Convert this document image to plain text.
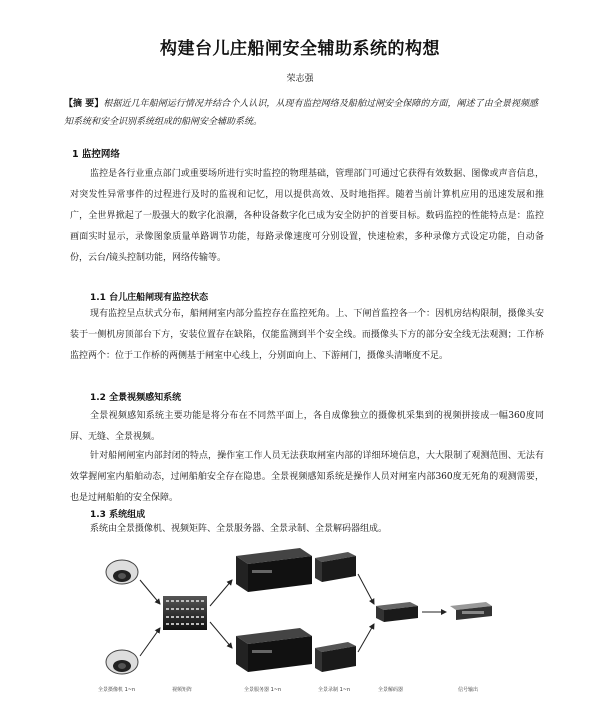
构建台儿庄船闸安全辅助系统的构想
荣志强
【摘 要】根据近几年船闸运行情况并结合个人认识，从现有监控网络及船舶过闸安全保障的方面，阐述了由全景视频感知系统和安全识别系统组成的船闸安全辅助系统。
1 监控网络
监控是各行业重点部门或重要场所进行实时监控的物理基础，管理部门可通过它获得有效数据、图像或声音信息，对突发性异常事件的过程进行及时的监视和记忆，用以提供高效、及时地指挥。随着当前计算机应用的迅速发展和推广，全世界掀起了一股强大的数字化浪潮，各种设备数字化已成为安全防护的首要目标。数码监控的性能特点是：监控画面实时显示，录像图象质量单路调节功能，每路录像速度可分别设置，快速检索，多种录像方式设定功能，自动备份，云台/镜头控制功能，网络传输等。
1.1 台儿庄船闸现有监控状态
现有监控呈点状式分布，船闸闸室内部分监控存在监控死角。上、下闸首监控各一个：因机房结构限制，摄像头安装于一侧机房顶部台下方，安装位置存在缺陷，仅能监测到半个安全线。而摄像头下方的部分安全线无法观测；工作桥监控两个：位于工作桥的两侧基于闸室中心线上，分别面向上、下游闸门，摄像头清晰度不足。
1.2 全景视频感知系统
全景视频感知系统主要功能是将分布在不同然平面上，各自成像独立的摄像机采集到的视频拼接成一幅360度同屏、无缝、全景视频。
针对船闸闸室内部封闭的特点，操作室工作人员无法获取闸室内部的详细环境信息，大大限制了观测范围、无法有效掌握闸室内船舶动态，过闸船舶安全存在隐患。全景视频感知系统是操作人员对闸室内部360度无死角的观测需要，也是过闸船舶的安全保障。
1.3 系统组成
系统由全景摄像机、视频矩阵、全景服务器、全景录制、全景解码器组成。
全景摄像机 1~n	视频矩阵	全景服务器 1~n	全景录制 1~n	全景解码器	信号输出
